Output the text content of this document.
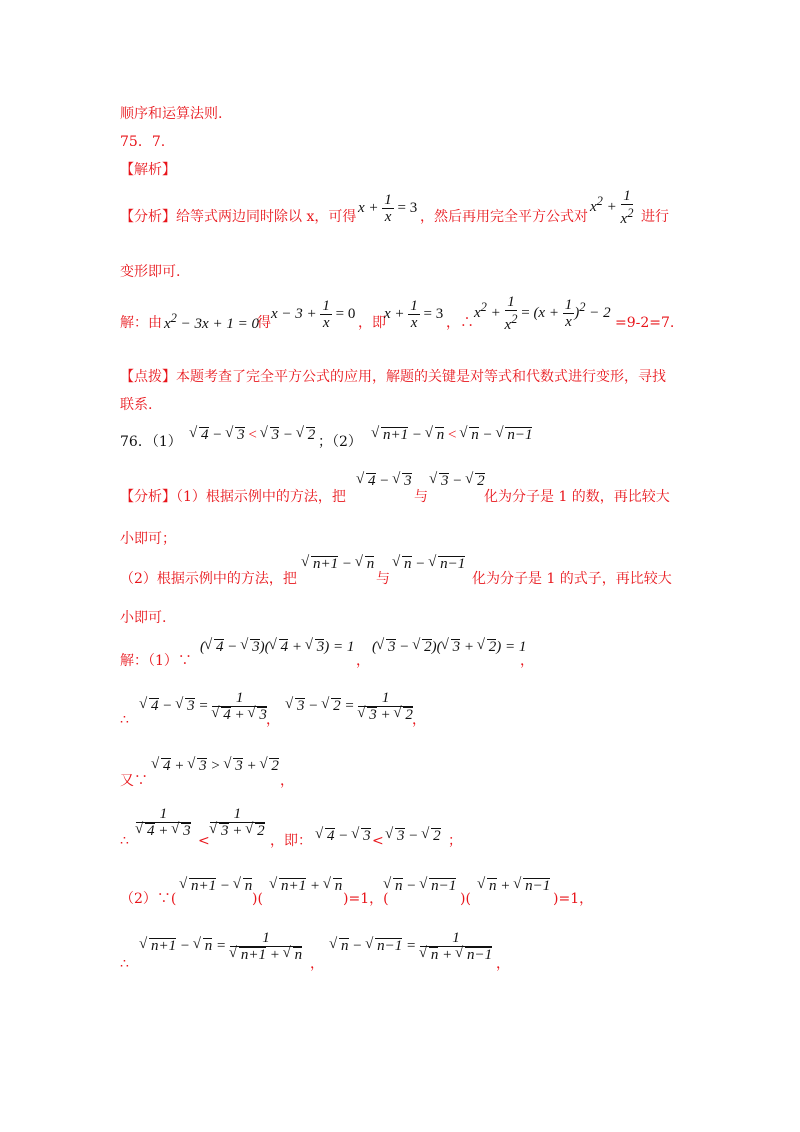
顺序和运算法则.
75．7.
【解析】
【分析】给等式两边同时除以 x，可得
$x + \frac{1}{x} = 3$
，然后再用完全平方公式对
$x^2 + \frac{1}{x^2}$ 进行
变形即可.
解：由 $x^2 - 3x + 1 = 0$
得
$x - 3 + \frac{1}{x} = 0$
，即
$x + \frac{1}{x} = 3$
，∴
$x^2 + \frac{1}{x^2} = (x + \frac{1}{x} )^2 - 2$
=9-2=7.
【点拨】本题考查了完全平方公式的应用，解题的关键是对等式和代数式进行变形，寻找
联系.
76．（1）	√ 4 − √ 3 < √ 3 − √ 2 ；（2）	√ n+1 − √ n < √ n − √ n−1
【分析】（1）根据示例中的方法，把
√ 4 − √ 3
与
√ 3 − √ 2
化为分子是 1 的数，再比较大
小即可；
（2）根据示例中的方法，把
√ n+1 − √ n
与
√ n − √ n−1
化为分子是 1 的式子，再比较大
小即可.
解：（1）∵
( √ 4 − √ 3)( √ 4 + √ 3) = 1
，
( √ 3 − √ 2)( √ 3 + √ 2) = 1
，
∴
√ 4 − √ 3 = 1
√ 4 + √ 3 ，
√ 3 − √ 2 = 1
√ 3 + √ 2 ，
又∵
√ 4 + √ 3 > √ 3 + √ 2
，
∴
1
√ 4 + √ 3
<
1
√ 3 + √ 2
，即：	√ 4 − √ 3 < √ 3 − √ 2 ；
（2）∵(
√ n+1 − √ n
)(
√ n+1 + √ n
)=1，(
√ n − √ n−1
)(
√ n + √ n−1
)=1，
∴
√ n+1 − √ n = 1
√ n+1 + √ n
，
√ n − √ n−1 = 1
√ n + √ n−1
，
